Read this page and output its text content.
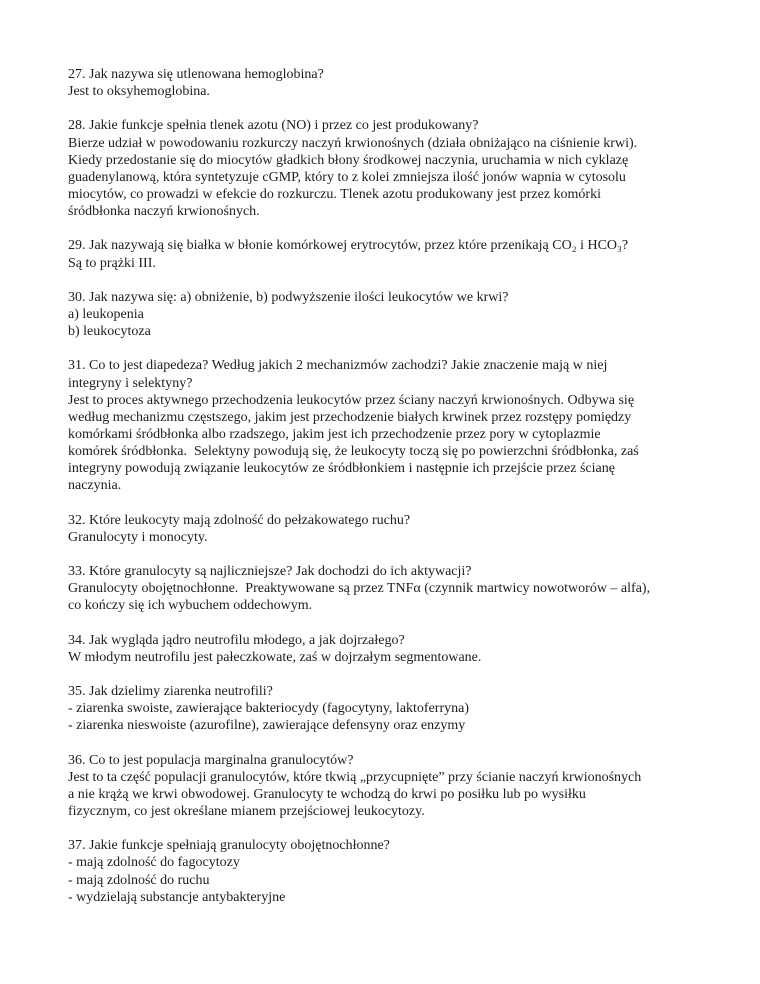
27. Jak nazywa się utlenowana hemoglobina?
Jest to oksyhemoglobina.
28. Jakie funkcje spełnia tlenek azotu (NO) i przez co jest produkowany?
Bierze udział w powodowaniu rozkurczy naczyń krwionośnych (działa obniżająco na ciśnienie krwi).
Kiedy przedostanie się do miocytów gładkich błony środkowej naczynia, uruchamia w nich cyklazę
guadenylanową, która syntetyzuje cGMP, który to z kolei zmniejsza ilość jonów wapnia w cytosolu
miocytów, co prowadzi w efekcie do rozkurczu. Tlenek azotu produkowany jest przez komórki
śródbłonka naczyń krwionośnych.
29. Jak nazywają się białka w błonie komórkowej erytrocytów, przez które przenikają CO₂ i HCO₃?
Są to prążki III.
30. Jak nazywa się: a) obniżenie, b) podwyższenie ilości leukocytów we krwi?
a) leukopenia
b) leukocytoza
31. Co to jest diapedeza? Według jakich 2 mechanizmów zachodzi? Jakie znaczenie mają w niej
integryny i selektyny?
Jest to proces aktywnego przechodzenia leukocytów przez ściany naczyń krwionośnych. Odbywa się
według mechanizmu częstszego, jakim jest przechodzenie białych krwinek przez rozstępy pomiędzy
komórkami śródbłonka albo rzadszego, jakim jest ich przechodzenie przez pory w cytoplazmie
komórek śródbłonka.  Selektyny powodują się, że leukocyty toczą się po powierzchni śródbłonka, zaś
integryny powodują związanie leukocytów ze śródbłonkiem i następnie ich przejście przez ścianę
naczynia.
32. Które leukocyty mają zdolność do pełzakowatego ruchu?
Granulocyty i monocyty.
33. Które granulocyty są najliczniejsze? Jak dochodzi do ich aktywacji?
Granulocyty obojętnochłonne.  Preaktywowane są przez TNFα (czynnik martwicy nowotworów – alfa),
co kończy się ich wybuchem oddechowym.
34. Jak wygląda jądro neutrofilu młodego, a jak dojrzałego?
W młodym neutrofilu jest pałeczkowate, zaś w dojrzałym segmentowane.
35. Jak dzielimy ziarenka neutrofili?
- ziarenka swoiste, zawierające bakteriocydy (fagocytyny, laktoferryna)
- ziarenka nieswoiste (azurofilne), zawierające defensyny oraz enzymy
36. Co to jest populacja marginalna granulocytów?
Jest to ta część populacji granulocytów, które tkwią „przycupnięte” przy ścianie naczyń krwionośnych
a nie krążą we krwi obwodowej. Granulocyty te wchodzą do krwi po posiłku lub po wysiłku
fizycznym, co jest określane mianem przejściowej leukocytozy.
37. Jakie funkcje spełniają granulocyty obojętnochłonne?
- mają zdolność do fagocytozy
- mają zdolność do ruchu
- wydzielają substancje antybakteryjne
